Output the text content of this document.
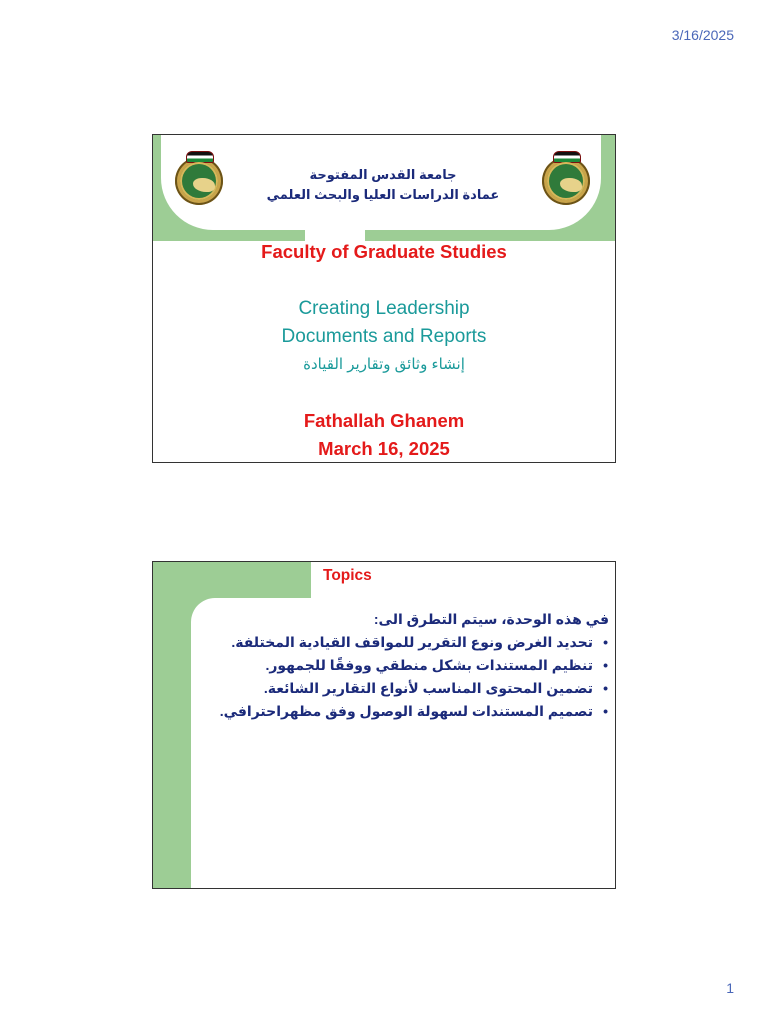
3/16/2025
جامعة القدس المفتوحة
عمادة الدراسات العليا والبحث العلمي
Faculty of Graduate Studies
Creating Leadership
Documents and Reports
إنشاء وثائق وتقارير القيادة
Fathallah Ghanem
March 16, 2025
Topics

في هذه الوحدة، سيتم التطرق الى:

• تحديد الغرض ونوع التقرير للمواقف القيادية المختلفة.
• تنظيم المستندات بشكل منطقي ووفقًا للجمهور.
• تضمين المحتوى المناسب لأنواع التقارير الشائعة.
• تصميم المستندات لسهولة الوصول وفق مظهراحترافي.
1
